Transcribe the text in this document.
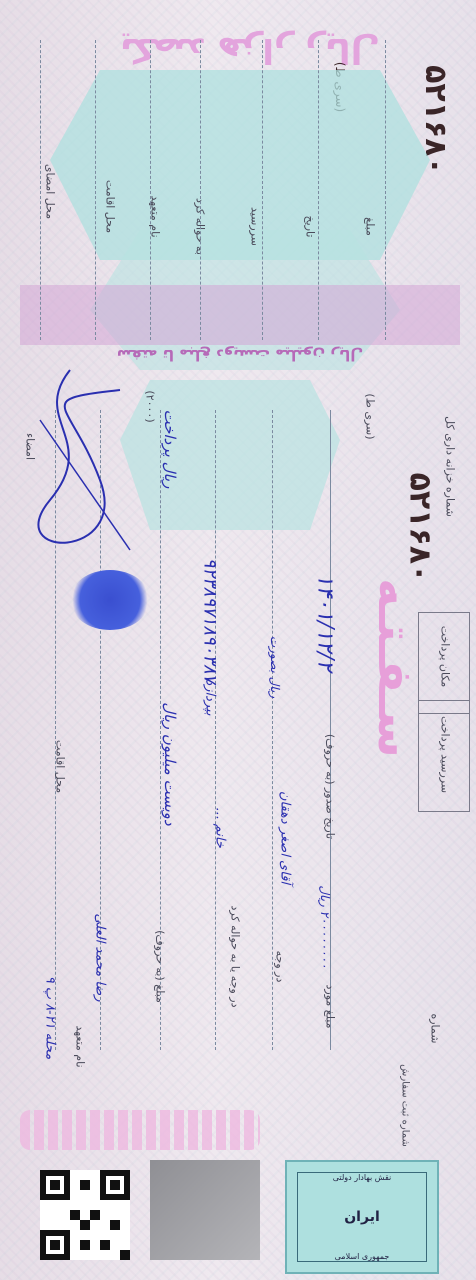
یکصد هزار ریال
۵۲۱۶۸۰
مبلغ
تاریخ
سررسید
به حواله کرد
نام متعهد
محل اقامت
محل امضای
سفته تا مبلغ دویست میلیون ریال
ریال پرداخت
(۲۰۰۰)
سـفـتـه
۵۲۱۶۸۰
(سری ط)	شماره خزانه داری کل
مکان پرداخت
سررسید پرداخت
شماره
مبلغ مورد
۲۰۰۰۰۰۰۰۰ ریال
تاریخ صدور (به حروف)
۱۴۰۱/۱۲/۲
در وجه
آقای اصغر دهقان
ریال بصورت
در وجه یا به حواله کرد
خانم ...
بپردازد
مبلغ (به حروف)
دویست میلیون ریال
نام متعهد
رضا محمد العلی
محل اقامت
محله ۲۱-۸ پ ۹
۹۲۳۸۹۷۱۸۹۰۳۸۷
امضاء
شماره ثبت سفارش
نقش بهادار دولتی
ایران
جمهوری اسلامی
